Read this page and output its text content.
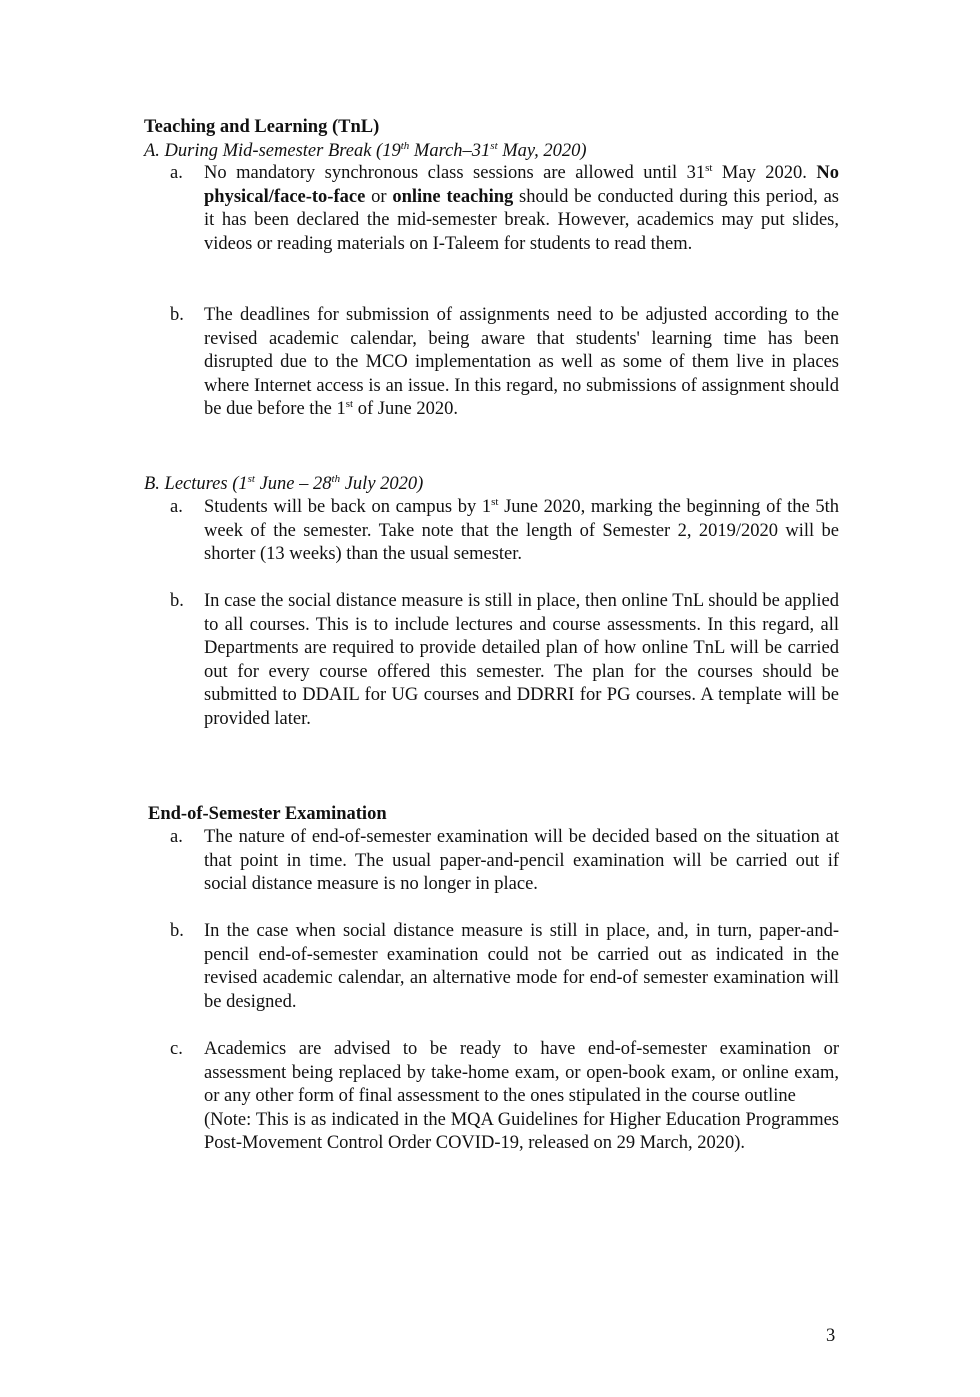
Teaching and Learning (TnL)
A. During Mid-semester Break (19th March–31st May, 2020)
a.	No mandatory synchronous class sessions are allowed until 31st May 2020. No physical/face-to-face or online teaching should be conducted during this period, as it has been declared the mid-semester break. However, academics may put slides, videos or reading materials on I-Taleem for students to read them.
b.	The deadlines for submission of assignments need to be adjusted according to the revised academic calendar, being aware that students' learning time has been disrupted due to the MCO implementation as well as some of them live in places where Internet access is an issue. In this regard, no submissions of assignment should be due before the 1st of June 2020.
B. Lectures (1st June – 28th July 2020)
a.	Students will be back on campus by 1st June 2020, marking the beginning of the 5th week of the semester. Take note that the length of Semester 2, 2019/2020 will be shorter (13 weeks) than the usual semester.
b.	In case the social distance measure is still in place, then online TnL should be applied to all courses. This is to include lectures and course assessments. In this regard, all Departments are required to provide detailed plan of how online TnL will be carried out for every course offered this semester. The plan for the courses should be submitted to DDAIL for UG courses and DDRRI for PG courses. A template will be provided later.
End-of-Semester Examination
a.	The nature of end-of-semester examination will be decided based on the situation at that point in time. The usual paper-and-pencil examination will be carried out if social distance measure is no longer in place.
b.	In the case when social distance measure is still in place, and, in turn, paper-and-pencil end-of-semester examination could not be carried out as indicated in the revised academic calendar, an alternative mode for end-of semester examination will be designed.
c.	Academics are advised to be ready to have end-of-semester examination or assessment being replaced by take-home exam, or open-book exam, or online exam, or any other form of final assessment to the ones stipulated in the course outline

(Note: This is as indicated in the MQA Guidelines for Higher Education Programmes Post-Movement Control Order COVID-19, released on 29 March, 2020).

3
